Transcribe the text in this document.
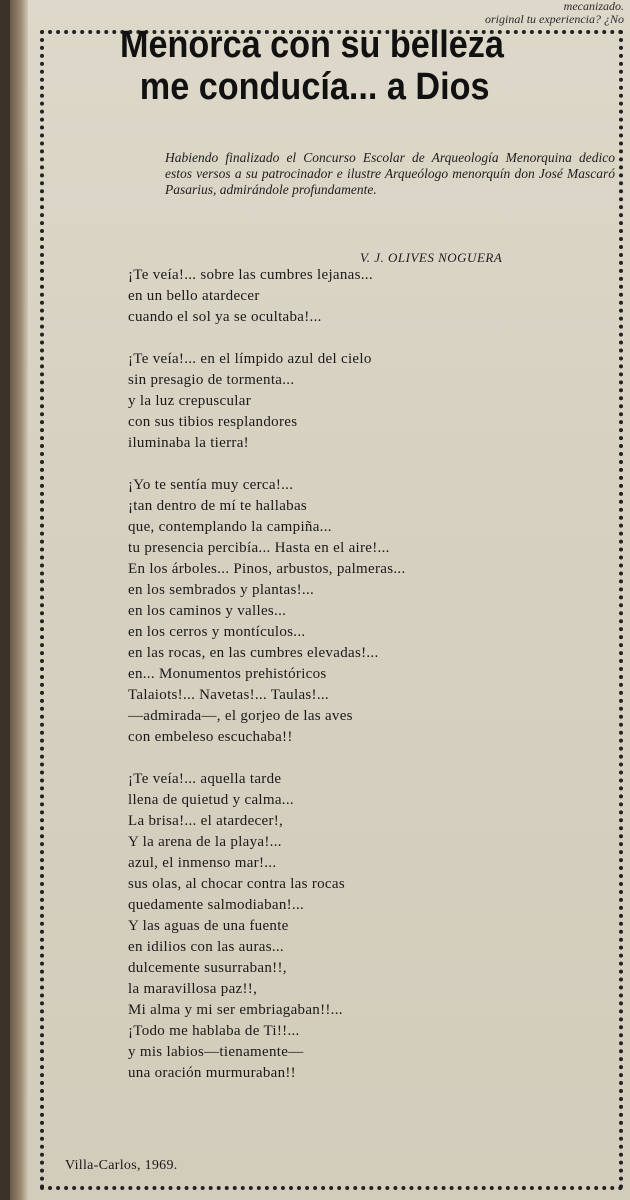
mecanizado.
original tu experiencia? ¿No
Menorca con su belleza
me conducía... a Dios
Habiendo finalizado el Concurso Escolar de Arqueología Menorquina dedico estos versos a su patrocinador e ilustre Arqueólogo menorquín don José Mascaró Pasarius, admirándole profundamente.
V. J. OLIVES NOGUERA
¡Te veía!... sobre las cumbres lejanas...
en un bello atardecer
cuando el sol ya se ocultaba!...
¡Te veía!... en el límpido azul del cielo
sin presagio de tormenta...
y la luz crepuscular
con sus tibios resplandores
iluminaba la tierra!
¡Yo te sentía muy cerca!...
¡tan dentro de mí te hallabas
que, contemplando la campiña...
tu presencia percibía... Hasta en el aire!...
En los árboles... Pinos, arbustos, palmeras...
en los sembrados y plantas!...
en los caminos y valles...
en los cerros y montículos...
en las rocas, en las cumbres elevadas!...
en... Monumentos prehistóricos
Talaiots!... Navetas!... Taulas!...
—admirada—, el gorjeo de las aves
con embeleso escuchaba!!
¡Te veía!... aquella tarde
llena de quietud y calma...
La brisa!... el atardecer!,
Y la arena de la playa!...
azul, el inmenso mar!...
sus olas, al chocar contra las rocas
quedamente salmodiaban!...
Y las aguas de una fuente
en idilios con las auras...
dulcemente susurraban!!,
la maravillosa paz!!,
Mi alma y mi ser embriagaban!!...
¡Todo me hablaba de Ti!!...
y mis labios—tienamente—
una oración murmuraban!!
Villa-Carlos, 1969.
